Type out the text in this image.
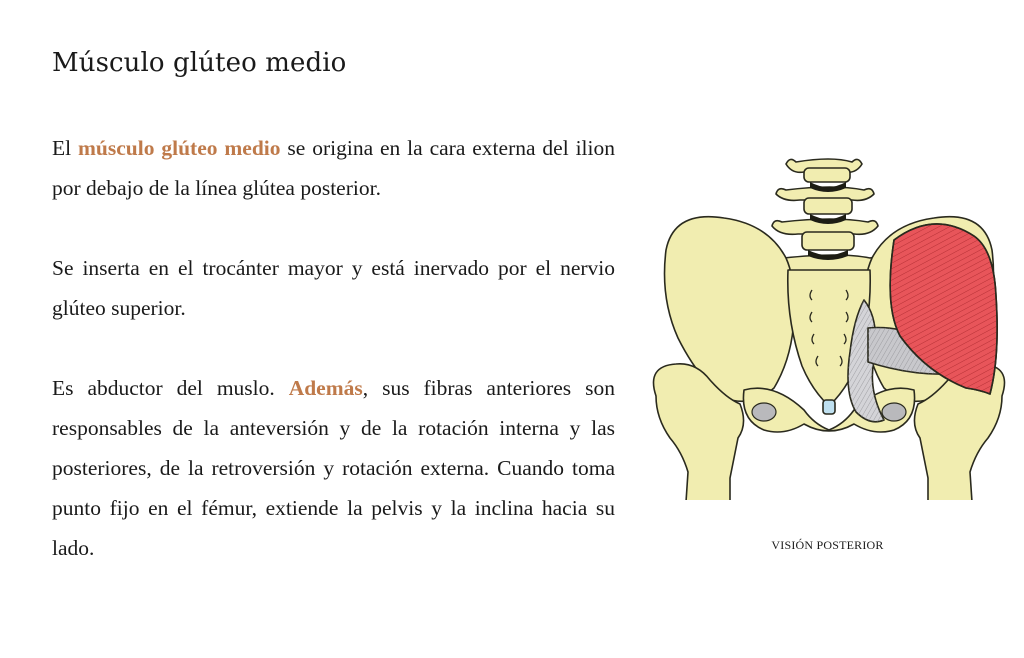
Músculo glúteo medio

El músculo glúteo medio se origina en la cara externa del ilion por debajo de la línea glútea posterior.

Se inserta en el trocánter mayor y está inervado por el nervio glúteo superior.

Es abductor del muslo. Además, sus fibras anteriores son responsables de la anteversión y de la rotación interna y las posteriores, de la retroversión y rotación externa. Cuando toma punto fijo en el fémur, extiende la pelvis y la inclina hacia su lado.	VISIÓN POSTERIOR
